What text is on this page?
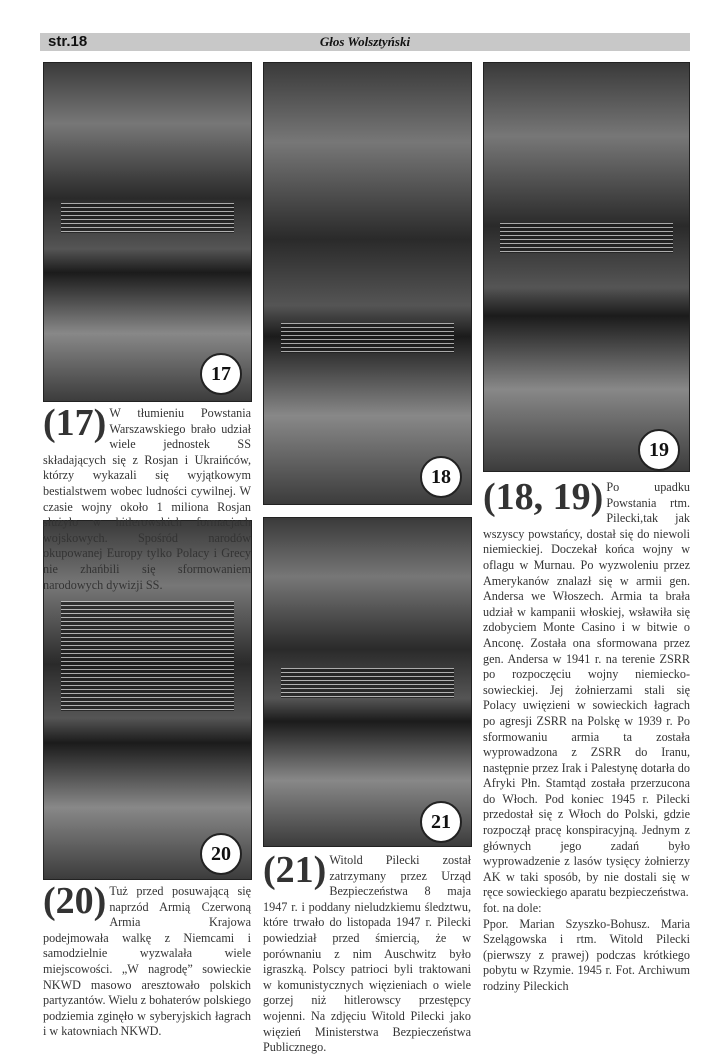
str.18	Głos Wolsztyński
17
18
19
20
21
(17) W tłumieniu Powstania Warszawskiego brało udział wiele jednostek SS składających się z Rosjan i Ukraińców, którzy wykazali się wyjątkowym bestialstwem wobec ludności cywilnej. W czasie wojny około 1 miliona Rosjan służyło w hitlerowskich formacjach wojskowych. Spośród narodów okupowanej Europy tylko Polacy i Grecy nie zhańbili się sformowaniem narodowych dywizji SS.
(18, 19) Po upadku Powstania rtm. Pilecki,tak jak wszyscy powstańcy, dostał się do niewoli niemieckiej. Doczekał końca wojny w oflagu w Murnau. Po wyzwoleniu przez Amerykanów znalazł się w armii gen. Andersa we Włoszech. Armia ta brała udział w kampanii włoskiej, wsławiła się zdobyciem Monte Casino i w bitwie o Anconę. Została ona sformowana przez gen. Andersa w 1941 r. na terenie ZSRR po rozpoczęciu wojny niemiecko-sowieckiej. Jej żołnierzami stali się Polacy uwięzieni w sowieckich łagrach po agresji ZSRR na Polskę w 1939 r. Po sformowaniu armia ta została wyprowadzona z ZSRR do Iranu, następnie przez Irak i Palestynę dotarła do Afryki Płn. Stamtąd została przerzucona do Włoch. Pod koniec 1945 r. Pilecki przedostał się z Włoch do Polski, gdzie rozpoczął pracę konspiracyjną. Jednym z głównych jego zadań było wyprowadzenie z lasów tysięcy żołnierzy AK w taki sposób, by nie dostali się w ręce sowieckiego aparatu bezpieczeństwa.
fot. na dole:
Ppor. Marian Szyszko-Bohusz. Maria Szelągowska i rtm. Witold Pilecki (pierwszy z prawej) podczas krótkiego pobytu w Rzymie. 1945 r. Fot. Archiwum rodziny Pileckich
(20) Tuż przed posuwającą się naprzód Armią Czerwoną Armia Krajowa podejmowała walkę z Niemcami i samodzielnie wyzwalała wiele miejscowości. „W nagrodę” sowieckie NKWD masowo aresztowało polskich partyzantów. Wielu z bohaterów polskiego podziemia zginęło w syberyjskich łagrach i w katowniach NKWD.
(21) Witold Pilecki został zatrzymany przez Urząd Bezpieczeństwa 8 maja 1947 r. i poddany nieludzkiemu śledztwu, które trwało do listopada 1947 r. Pilecki powiedział przed śmiercią, że w porównaniu z nim Auschwitz było igraszką. Polscy patrioci byli traktowani w komunistycznych więzieniach o wiele gorzej niż hitlerowscy przestępcy wojenni. Na zdjęciu Witold Pilecki jako więzień Ministerstwa Bezpieczeństwa Publicznego.
